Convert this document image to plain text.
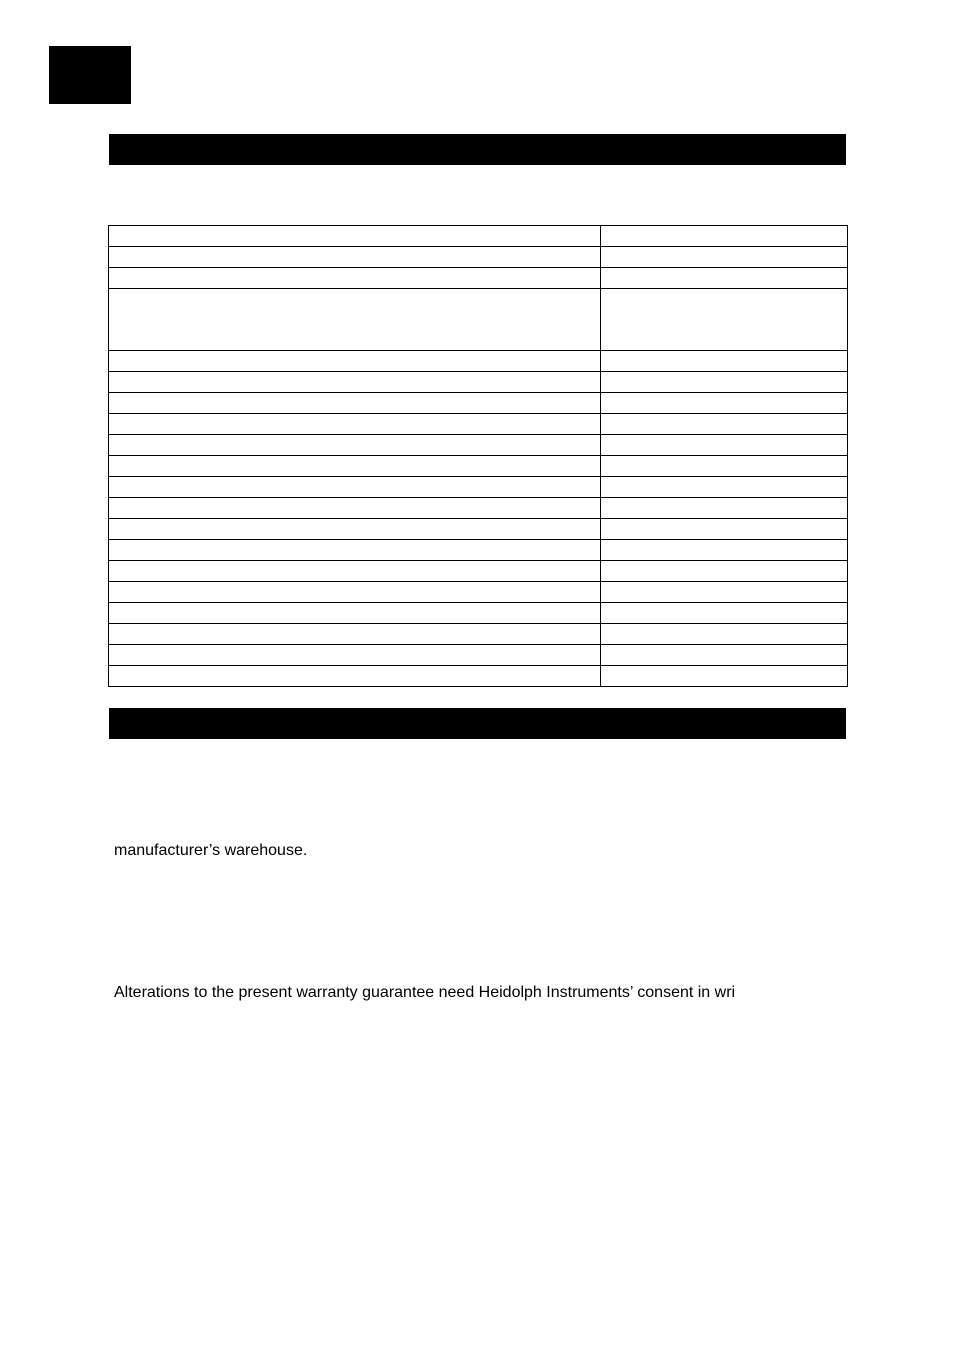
manufacturer’s warehouse.
Alterations to the present warranty guarantee need Heidolph Instruments’ consent in wri
